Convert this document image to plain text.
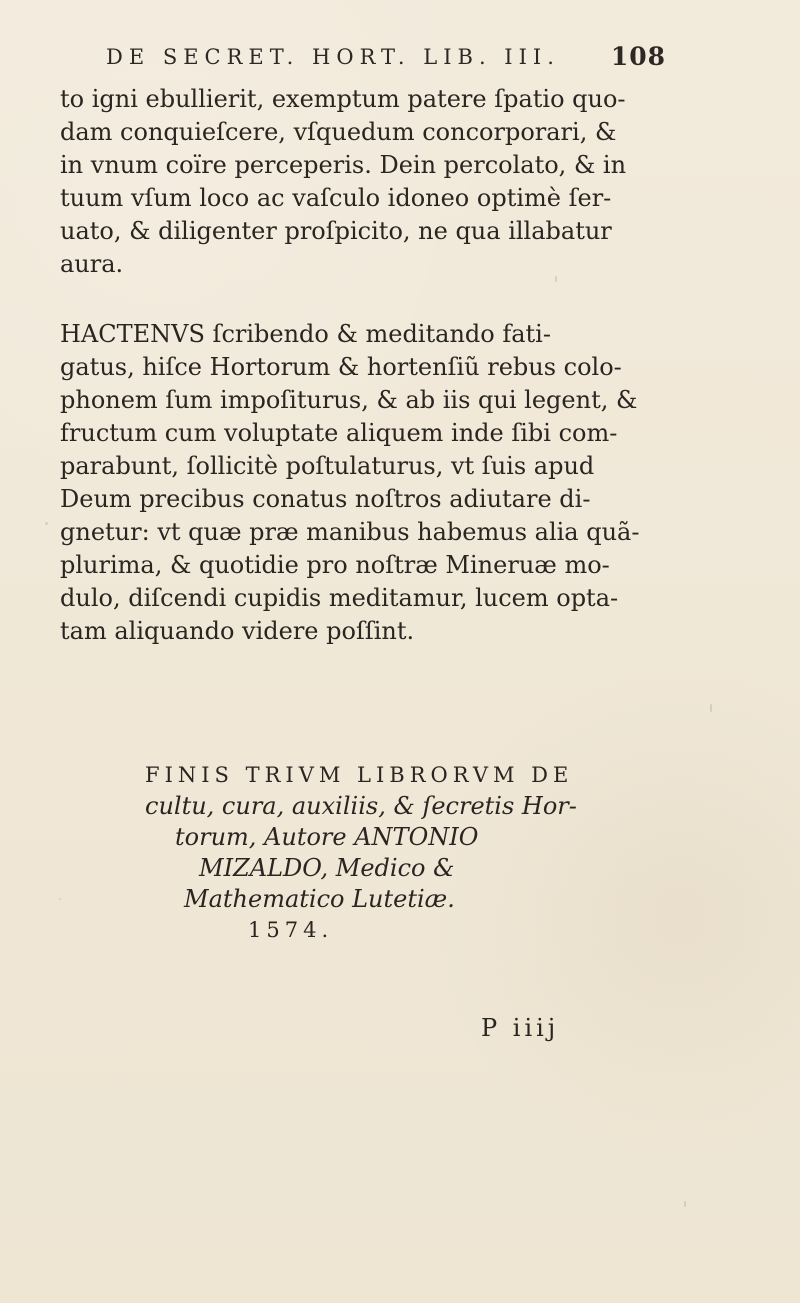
DE SECRET. HORT. LIB. III. 108
to igni ebullierit, exemptum patere ſpatio quo-
dam conquieſcere, vſquedum concorporari, &
in vnum coïre perceperis. Dein percolato, & in
tuum vſum loco ac vaſculo idoneo optimè ſer-
uato, & diligenter proſpicito, ne qua illabatur
aura.
HACTENVS ſcribendo & meditando fati-
gatus, hiſce Hortorum & hortenſiũ rebus colo-
phonem ſum impoſiturus, & ab iis qui legent, &
fructum cum voluptate aliquem inde ſibi com-
parabunt, ſollicitè poſtulaturus, vt ſuis apud
Deum precibus conatus noſtros adiutare di-
gnetur: vt quæ præ manibus habemus alia quã-
plurima, & quotidie pro noſtræ Mineruæ mo-
dulo, diſcendi cupidis meditamur, lucem opta-
tam aliquando videre poſſint.
FINIS TRIVM LIBRORVM DE
cultu, cura, auxiliis, & ſecretis Hor-
torum, Autore ANTONIO
MIZALDO, Medico &
Mathematico Lutetiæ.
1574.
P iiij
